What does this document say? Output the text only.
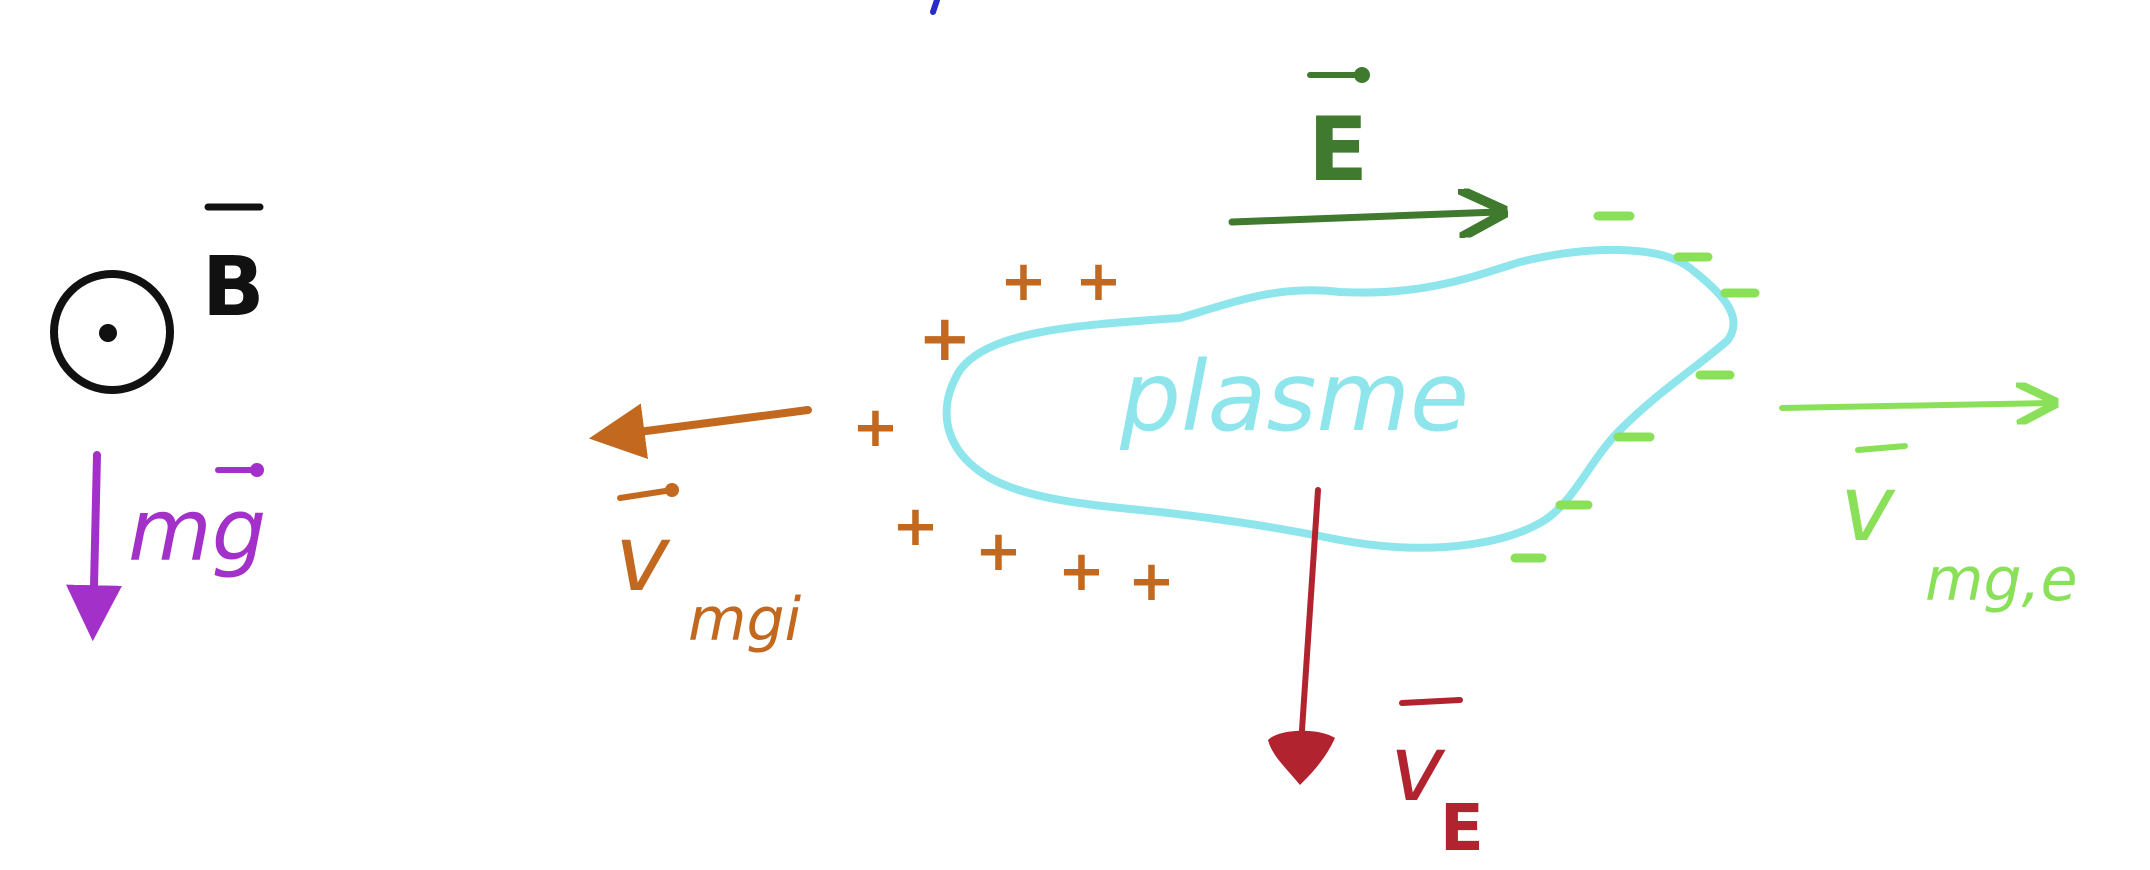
B
mg
E
plasme
+ +
+
+
+ + + +
v
mgi
v
mg,e
v
E
